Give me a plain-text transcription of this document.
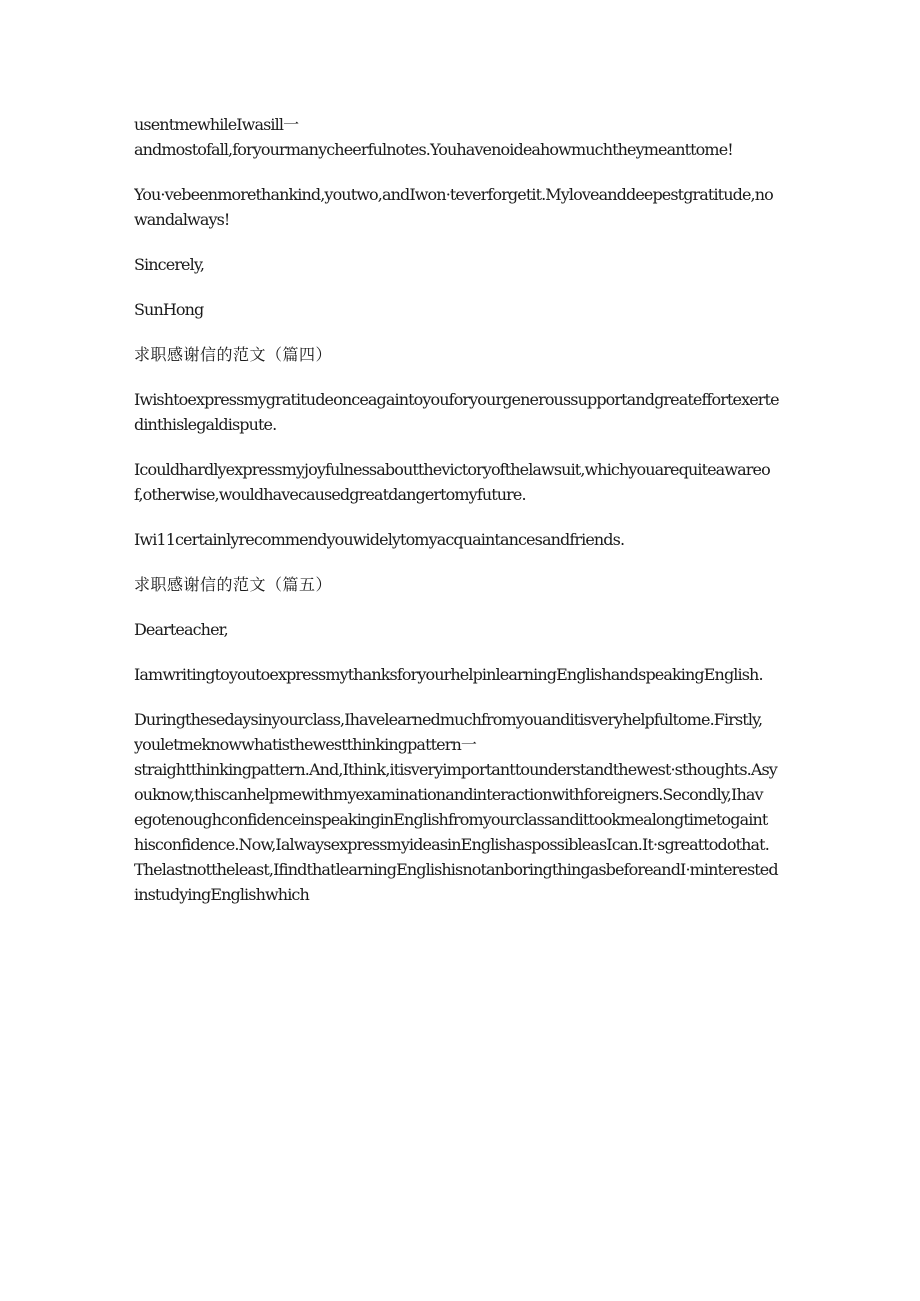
usentmewhileIwasill一
andmostofall,foryourmanycheerfulnotes.Youhavenoideahowmuchtheymeanttome!
You·vebeenmorethankind,youtwo,andIwon·teverforgetit.Myloveanddeepestgratitude,no
wandalways!
Sincerely,
SunHong
求职感谢信的范文（篇四）
Iwishtoexpressmygratitudeonceagaintoyouforyourgeneroussupportandgreateffortexerte
dinthislegaldispute.
Icouldhardlyexpressmyjoyfulnessaboutthevictoryofthelawsuit,whichyouarequiteawareo
f,otherwise,wouldhavecausedgreatdangertomyfuture.
Iwi11certainlyrecommendyouwidelytomyacquaintancesandfriends.
求职感谢信的范文（篇五）
Dearteacher,
IamwritingtoyoutoexpressmythanksforyourhelpinlearningEnglishandspeakingEnglish.
Duringthesedaysinyourclass,Ihavelearnedmuchfromyouanditisveryhelpfultome.Firstly,
youletmeknowwhatisthewestthinkingpattern一
straightthinkingpattern.And,Ithink,itisveryimportanttounderstandthewest·sthoughts.Asy
ouknow,thiscanhelpmewithmyexaminationandinteractionwithforeigners.Secondly,Ihav
egotenoughconfidenceinspeakinginEnglishfromyourclassandittookmealongtimetogaint
hisconfidence.Now,IalwaysexpressmyideasinEnglishaspossibleasIcan.It·sgreattodothat.
Thelastnottheleast,IfindthatlearningEnglishisnotanboringthingasbeforeandI·minterested
instudyingEnglishwhich
